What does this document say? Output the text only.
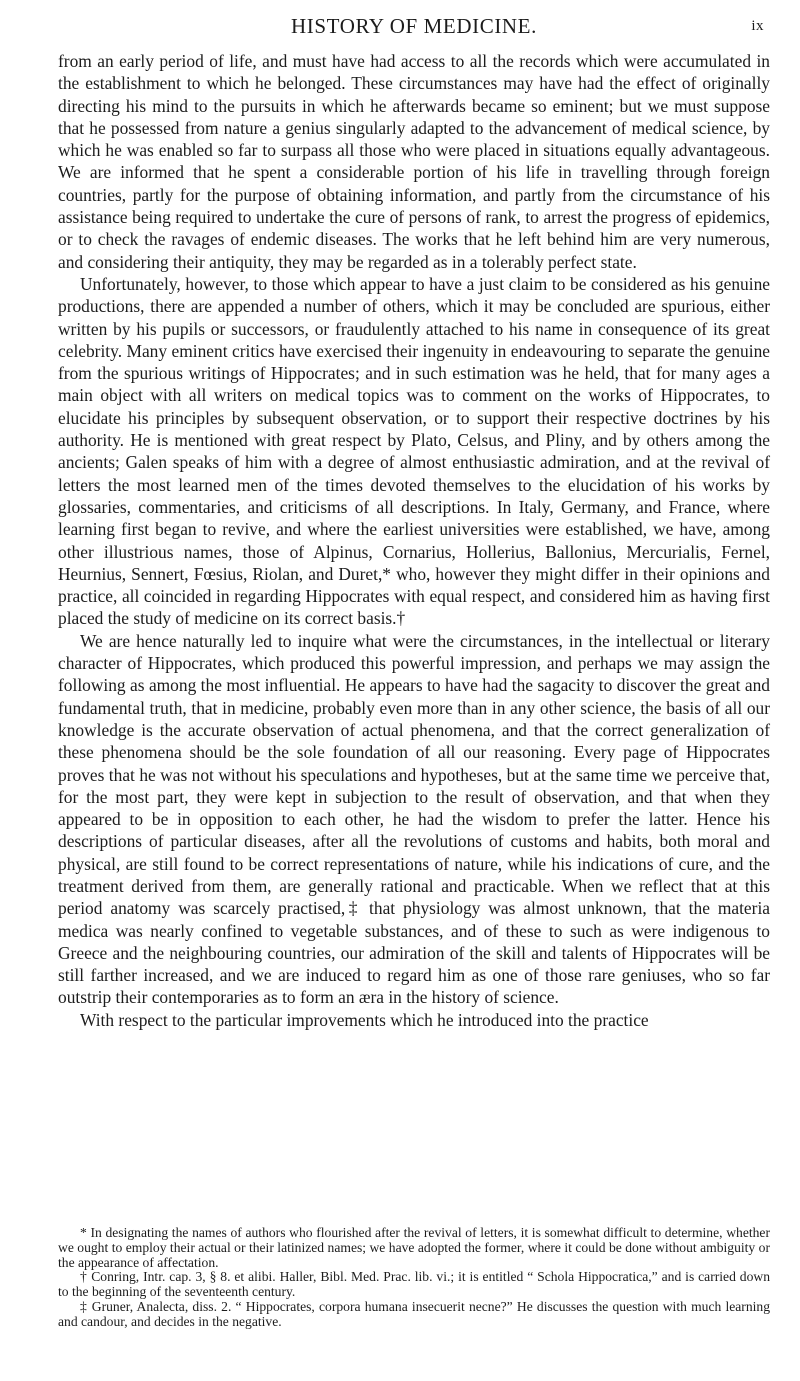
HISTORY OF MEDICINE.	ix

from an early period of life, and must have had access to all the records which were accumulated in the establishment to which he belonged. These circumstances may have had the effect of originally directing his mind to the pursuits in which he afterwards became so eminent; but we must suppose that he possessed from nature a genius singularly adapted to the advancement of medical science, by which he was enabled so far to surpass all those who were placed in situations equally advantageous. We are informed that he spent a considerable portion of his life in travelling through foreign countries, partly for the purpose of obtaining information, and partly from the circumstance of his assistance being required to undertake the cure of persons of rank, to arrest the progress of epidemics, or to check the ravages of endemic diseases. The works that he left behind him are very numerous, and considering their antiquity, they may be regarded as in a tolerably perfect state.

Unfortunately, however, to those which appear to have a just claim to be considered as his genuine productions, there are appended a number of others, which it may be concluded are spurious, either written by his pupils or successors, or fraudulently attached to his name in consequence of its great celebrity. Many eminent critics have exercised their ingenuity in endeavouring to separate the genuine from the spurious writings of Hippocrates; and in such estimation was he held, that for many ages a main object with all writers on medical topics was to comment on the works of Hippocrates, to elucidate his principles by subsequent observation, or to support their respective doctrines by his authority. He is mentioned with great respect by Plato, Celsus, and Pliny, and by others among the ancients; Galen speaks of him with a degree of almost enthusiastic admiration, and at the revival of letters the most learned men of the times devoted themselves to the elucidation of his works by glossaries, commentaries, and criticisms of all descriptions. In Italy, Germany, and France, where learning first began to revive, and where the earliest universities were established, we have, among other illustrious names, those of Alpinus, Cornarius, Hollerius, Ballonius, Mercurialis, Fernel, Heurnius, Sennert, Fœsius, Riolan, and Duret,* who, however they might differ in their opinions and practice, all coincided in regarding Hippocrates with equal respect, and considered him as having first placed the study of medicine on its correct basis.†

We are hence naturally led to inquire what were the circumstances, in the intellectual or literary character of Hippocrates, which produced this powerful impression, and perhaps we may assign the following as among the most influential. He appears to have had the sagacity to discover the great and fundamental truth, that in medicine, probably even more than in any other science, the basis of all our knowledge is the accurate observation of actual phenomena, and that the correct generalization of these phenomena should be the sole foundation of all our reasoning. Every page of Hippocrates proves that he was not without his speculations and hypotheses, but at the same time we perceive that, for the most part, they were kept in subjection to the result of observation, and that when they appeared to be in opposition to each other, he had the wisdom to prefer the latter. Hence his descriptions of particular diseases, after all the revolutions of customs and habits, both moral and physical, are still found to be correct representations of nature, while his indications of cure, and the treatment derived from them, are generally rational and practicable. When we reflect that at this period anatomy was scarcely practised,‡ that physiology was almost unknown, that the materia medica was nearly confined to vegetable substances, and of these to such as were indigenous to Greece and the neighbouring countries, our admiration of the skill and talents of Hippocrates will be still farther increased, and we are induced to regard him as one of those rare geniuses, who so far outstrip their contemporaries as to form an æra in the history of science.

With respect to the particular improvements which he introduced into the practice

* In designating the names of authors who flourished after the revival of letters, it is somewhat difficult to determine, whether we ought to employ their actual or their latinized names; we have adopted the former, where it could be done without ambiguity or the appearance of affectation.

† Conring, Intr. cap. 3, § 8. et alibi. Haller, Bibl. Med. Prac. lib. vi.; it is entitled “ Schola Hippocratica,” and is carried down to the beginning of the seventeenth century.

‡ Gruner, Analecta, diss. 2. “ Hippocrates, corpora humana insecuerit necne?” He discusses the question with much learning and candour, and decides in the negative.
